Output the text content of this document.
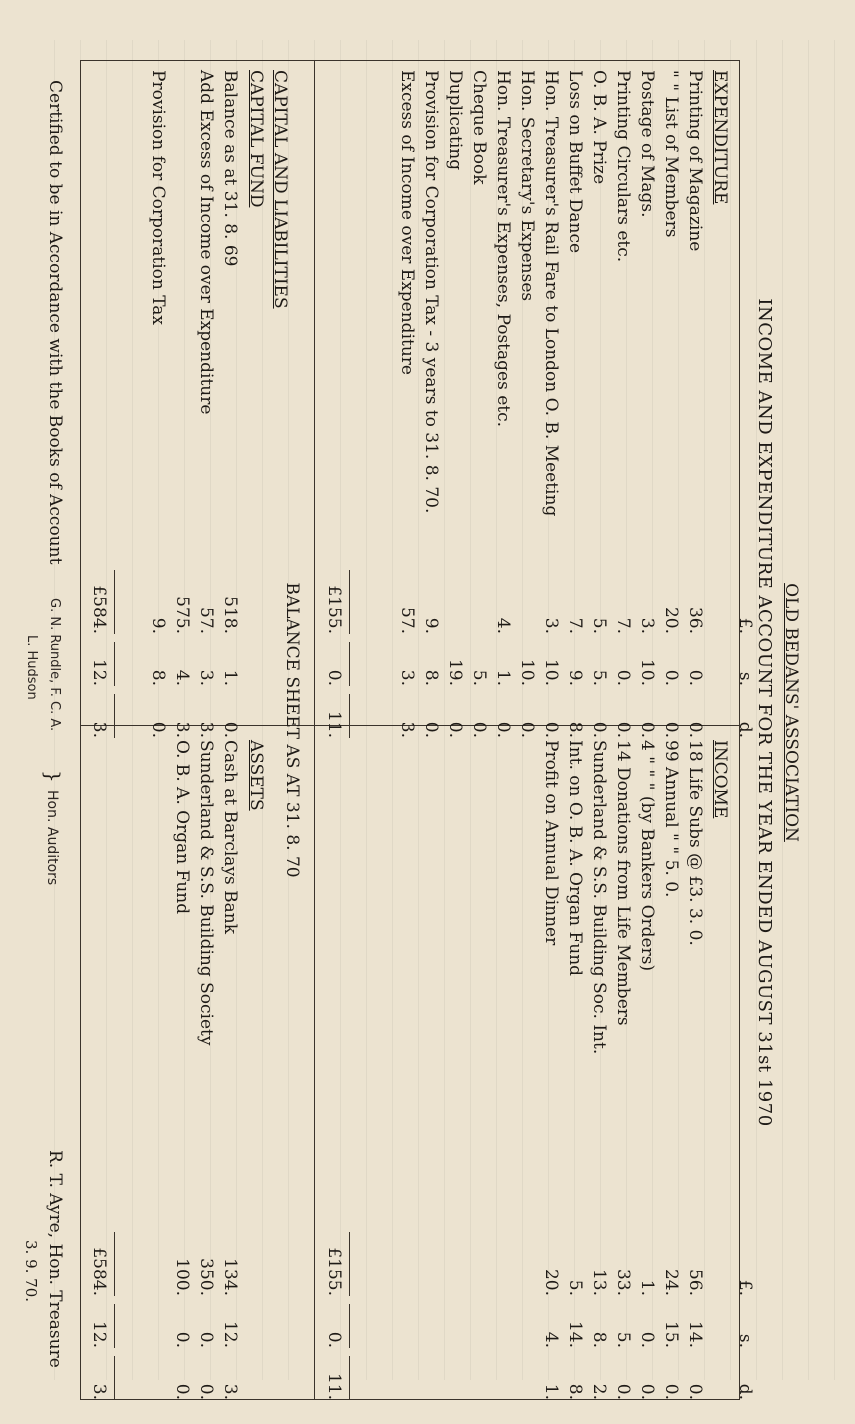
OLD BEDANS' ASSOCIATION
INCOME AND EXPENDITURE ACCOUNT FOR THE YEAR ENDED AUGUST 31st 1970
£.
s.
d.
EXPENDITURE
Printing of Magazine
36.
0.
0.
" " List of Members
20.
0.
0.
Postage of Mags.
3.
10.
0.
Printing Circulars etc.
7.
0.
0.
O. B. A. Prize
5.
5.
0.
Loss on Buffet Dance
7.
9.
8.
Hon. Treasurer's Rail Fare to London O. B. Meeting
3.
10.
0.
Hon. Secretary's Expenses
10.
0.
Hon. Treasurer's Expenses, Postages etc.
4.
1.
0.
Cheque Book
5.
0.
Duplicating
19.
0.
Provision for Corporation Tax - 3 years to 31. 8. 70.
9.
8.
0.
Excess of Income over Expenditure
57.
3.
3.
£155.
0.
11.
£.
s.
d.
INCOME
18 Life Subs @ £3. 3. 0.
56.
14.
0.
99 Annual " " 5. 0.
24.
15.
0.
4 " " " (by Bankers Orders)
1.
0.
0.
14 Donations from Life Members
33.
5.
0.
Sunderland & S.S. Building Soc. Int.
13.
8.
2.
Int. on O. B. A. Organ Fund
5.
14.
8.
Profit on Annual Dinner
20.
4.
1.
£155.
0.
11.
BALANCE SHEET AS AT 31. 8. 70
CAPITAL AND LIABILITIES
CAPITAL FUND
Balance as at 31. 8. 69
518.
1.
0.
Add Excess of Income over Expenditure
57.
3.
3.
575.
4.
3.
Provision for Corporation Tax
9.
8.
0.
£584.
12.
3.
ASSETS
Cash at Barclays Bank
134.
12.
3.
Sunderland & S.S. Building Society
350.
0.
0.
O. B. A. Organ Fund
100.
0.
0.
£584.
12.
3.
Certified to be in Accordance with the Books of Account
G. N. Rundle, F. C. A.
L. Hudson
}
Hon. Auditors
R. T. Ayre, Hon. Treasure
3. 9. 70.
